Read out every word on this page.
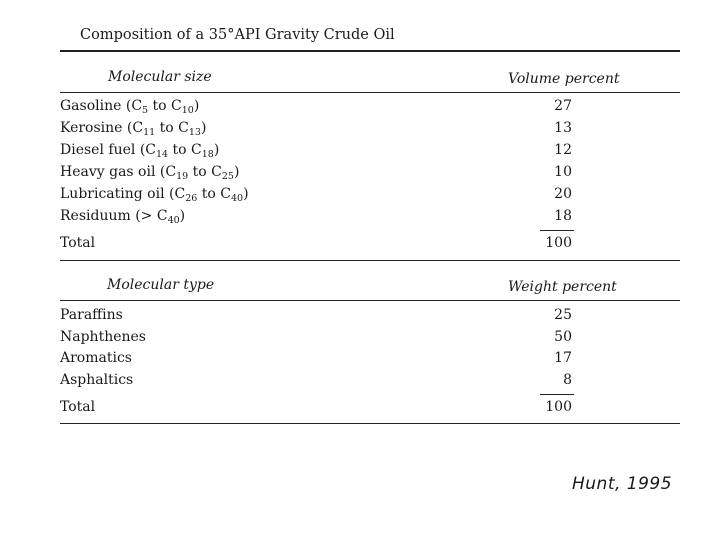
Composition of a 35°API Gravity Crude Oil
Molecular size	Volume percent
Gasoline ($C_5$ to $C_{10}$)	27
Kerosine ($C_{11}$ to $C_{13}$)	13
Diesel fuel ($C_{14}$ to $C_{18}$)	12
Heavy gas oil ($C_{19}$ to $C_{25}$)	10
Lubricating oil ($C_{26}$ to $C_{40}$)	20
Residuum (> $C_{40}$)	18
Total	100
Molecular type	Weight percent
Paraffins	25
Naphthenes	50
Aromatics	17
Asphaltics	8
Total	100
Hunt, 1995
